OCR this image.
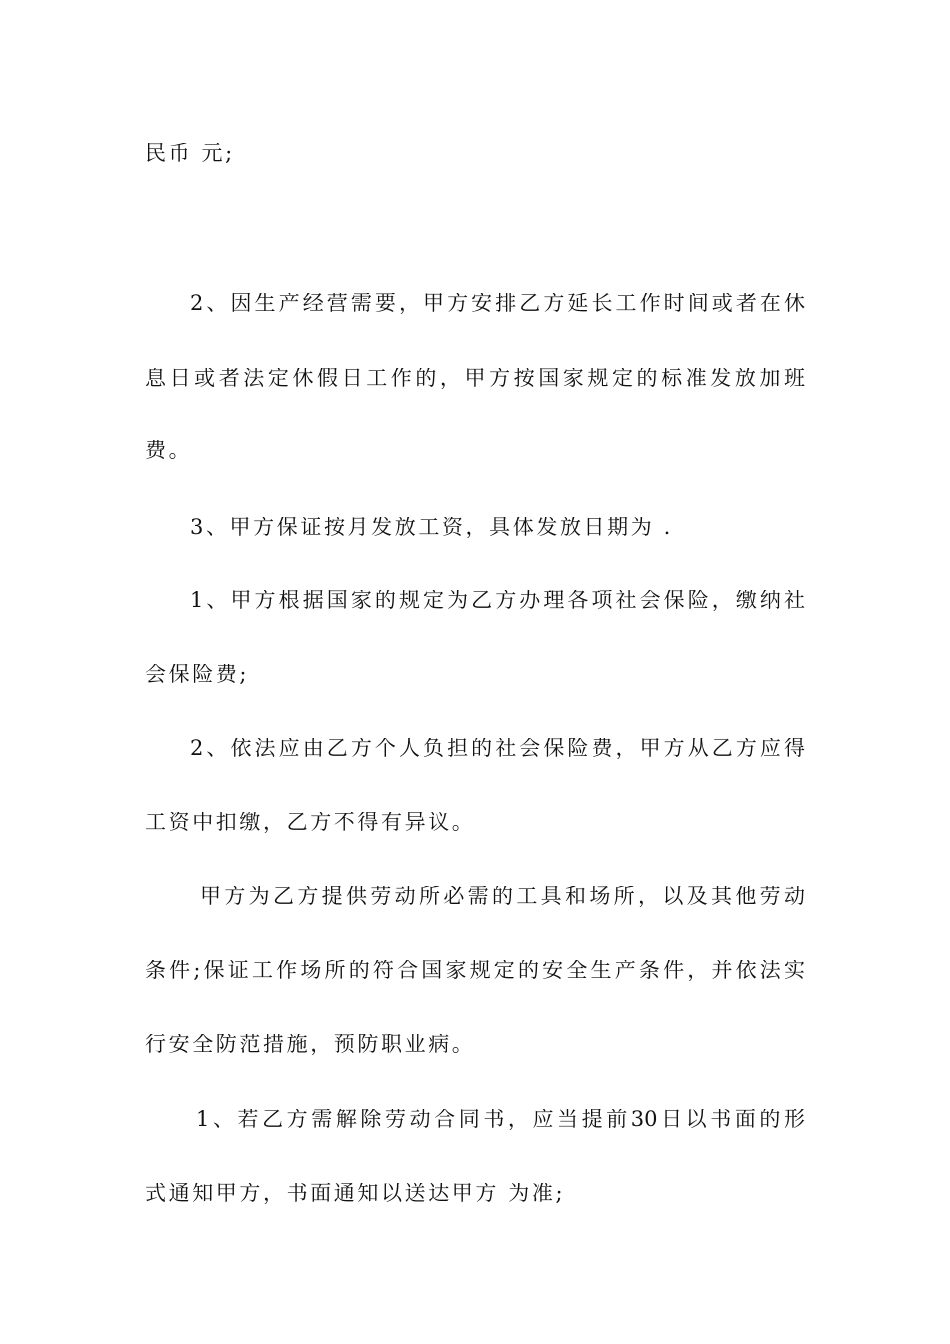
民币 元;
2、因生产经营需要，甲方安排乙方延长工作时间或者在休
息日或者法定休假日工作的，甲方按国家规定的标准发放加班
费。
3、甲方保证按月发放工资，具体发放日期为 .
1、甲方根据国家的规定为乙方办理各项社会保险，缴纳社
会保险费;
2、依法应由乙方个人负担的社会保险费，甲方从乙方应得
工资中扣缴，乙方不得有异议。
甲方为乙方提供劳动所必需的工具和场所，以及其他劳动
条件;保证工作场所的符合国家规定的安全生产条件，并依法实
行安全防范措施，预防职业病。
1、若乙方需解除劳动合同书，应当提前30日以书面的形
式通知甲方，书面通知以送达甲方 为准;
